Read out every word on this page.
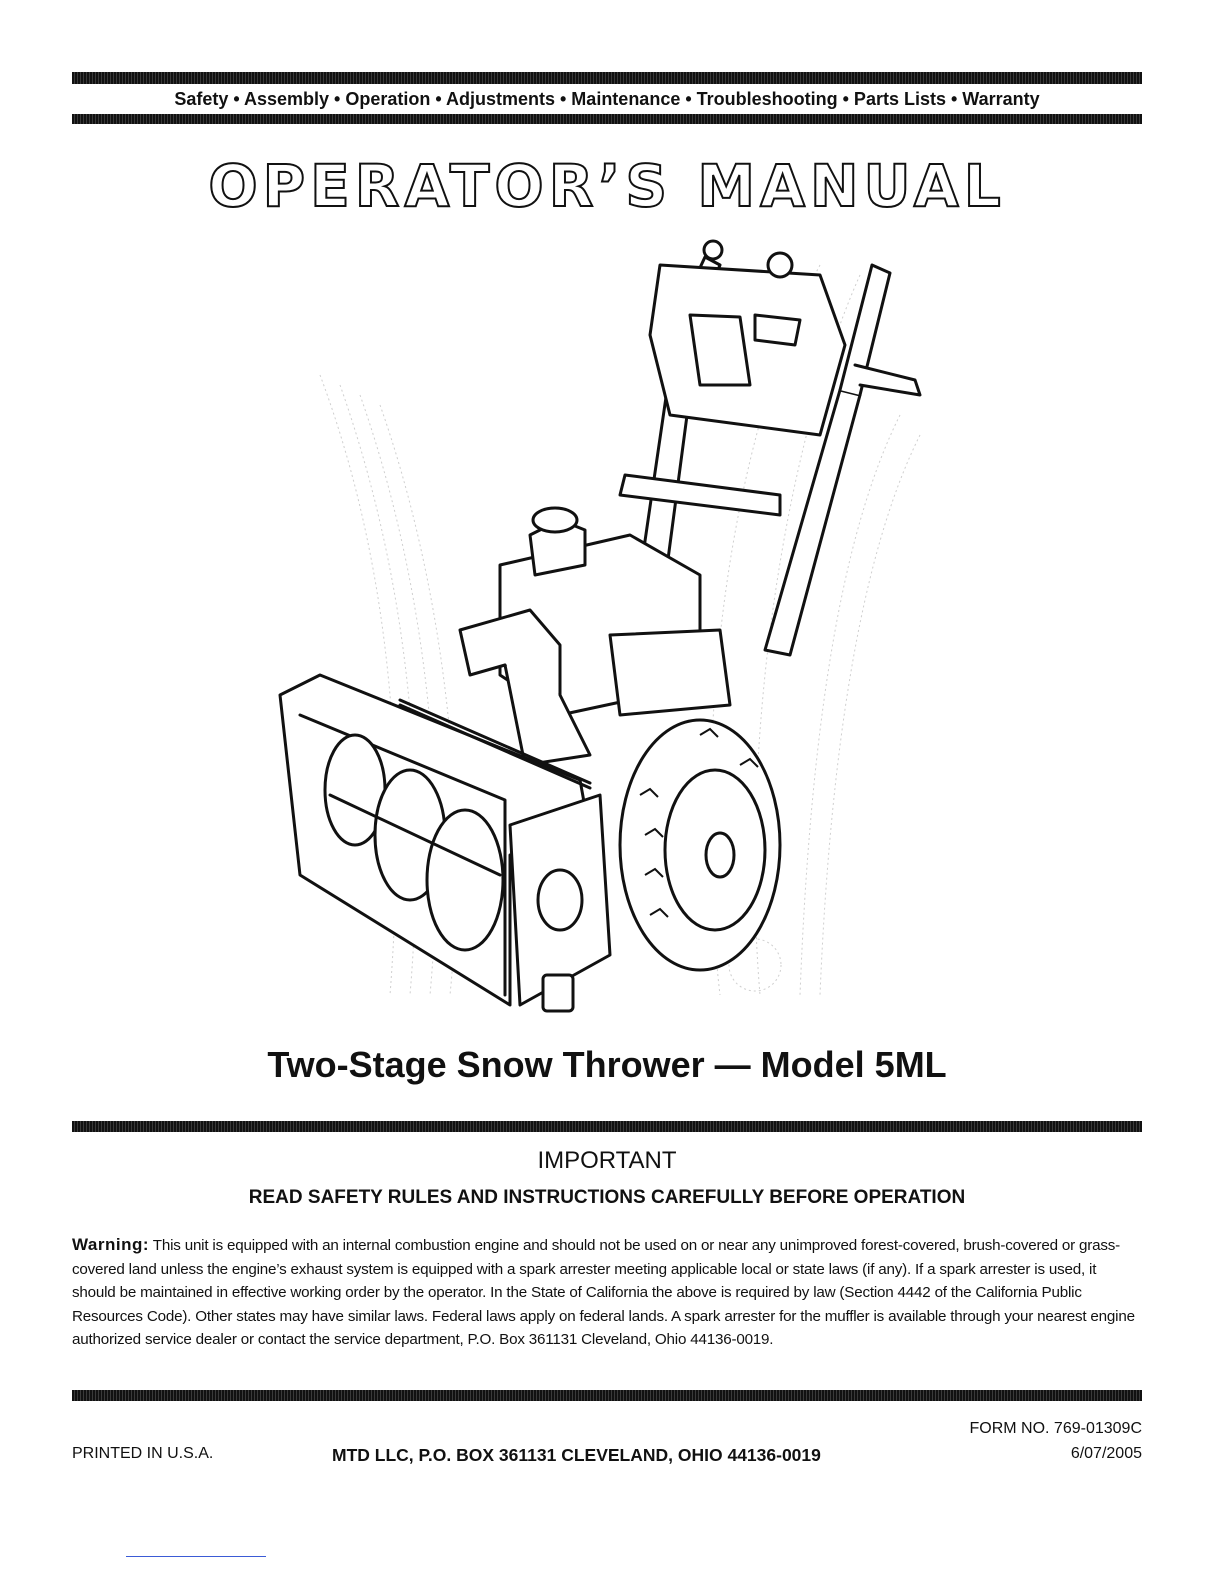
Safety • Assembly • Operation • Adjustments • Maintenance • Troubleshooting • Parts Lists • Warranty
OPERATOR’S MANUAL
Two-Stage Snow Thrower — Model 5ML
IMPORTANT
READ SAFETY RULES AND INSTRUCTIONS CAREFULLY BEFORE OPERATION
Warning: This unit is equipped with an internal combustion engine and should not be used on or near any unimproved forest-covered, brush-covered or grass-covered land unless the engine’s exhaust system is equipped with a spark arrester meeting applicable local or state laws (if any). If a spark arrester is used, it should be maintained in effective working order by the operator. In the State of California the above is required by law (Section 4442 of the California Public Resources Code). Other states may have similar laws. Federal laws apply on federal lands. A spark arrester for the muffler is available through your nearest engine authorized service dealer or contact the service department, P.O. Box 361131 Cleveland, Ohio 44136-0019.
PRINTED IN U.S.A.	MTD LLC, P.O. BOX 361131 CLEVELAND, OHIO 44136-0019
FORM NO. 769-01309C
6/07/2005
